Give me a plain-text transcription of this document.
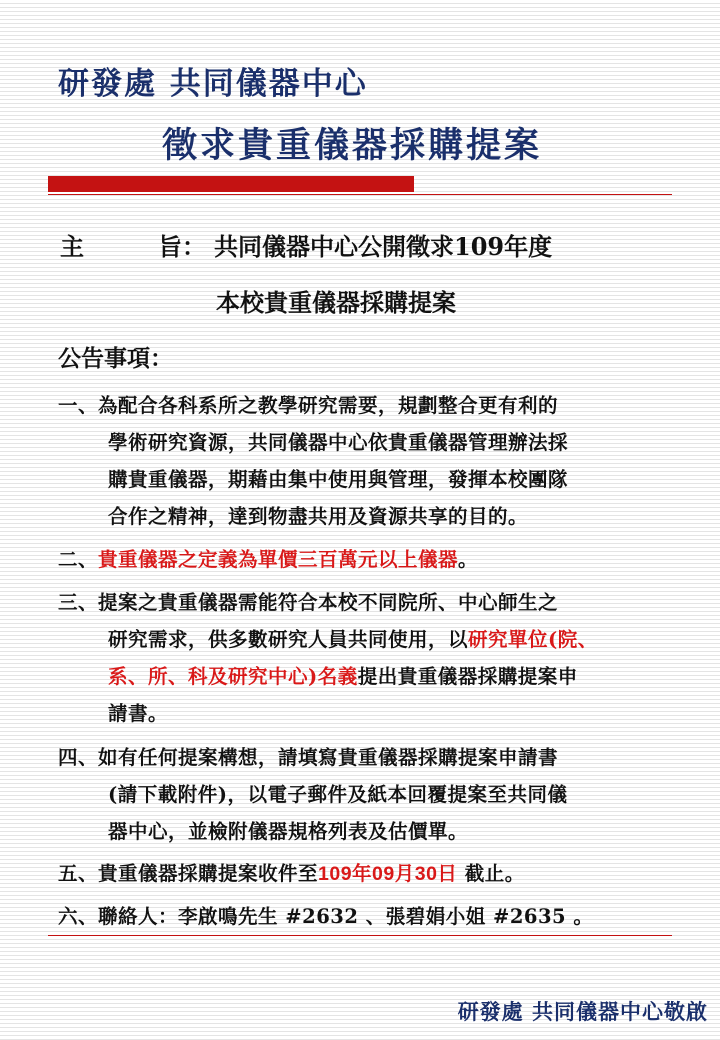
研發處 共同儀器中心
徵求貴重儀器採購提案
主	旨： 共同儀器中心公開徵求109年度
本校貴重儀器採購提案
公告事項：
一、為配合各科系所之教學研究需要，規劃整合更有利的
學術研究資源，共同儀器中心依貴重儀器管理辦法採
購貴重儀器，期藉由集中使用與管理，發揮本校團隊
合作之精神，達到物盡共用及資源共享的目的。
二、貴重儀器之定義為單價三百萬元以上儀器。
三、提案之貴重儀器需能符合本校不同院所、中心師生之
研究需求，供多數研究人員共同使用，以研究單位(院、
系、所、科及研究中心)名義提出貴重儀器採購提案申
請書。
四、如有任何提案構想，請填寫貴重儀器採購提案申請書
(請下載附件)，以電子郵件及紙本回覆提案至共同儀
器中心，並檢附儀器規格列表及估價單。
五、貴重儀器採購提案收件至109年09月30日 截止。
六、聯絡人：李啟鳴先生 #2632 、張碧娟小姐 #2635 。
研發處 共同儀器中心敬啟
